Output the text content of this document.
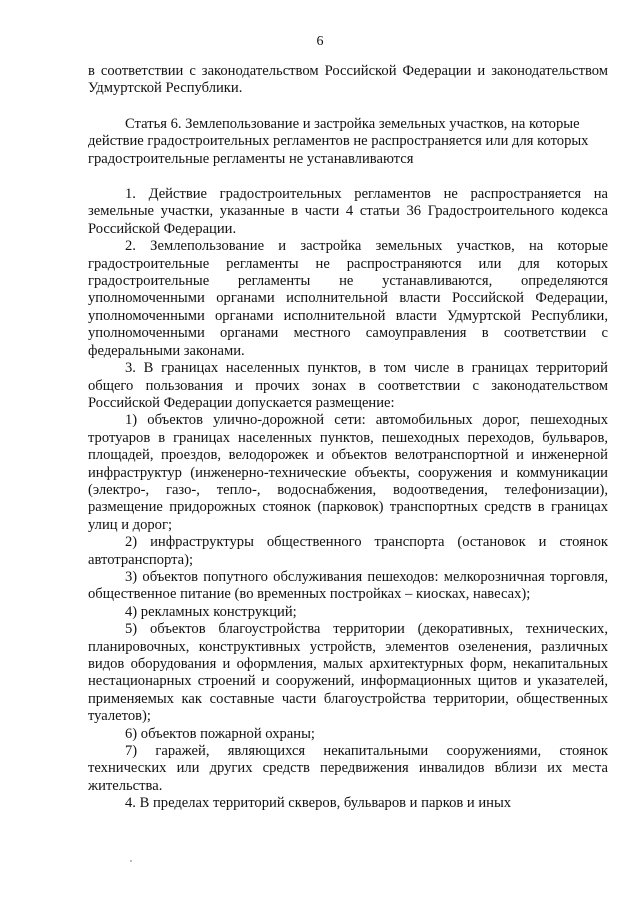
6

в соответствии с законодательством Российской Федерации и законодательством Удмуртской Республики.

Статья 6. Землепользование и застройка земельных участков, на которые действие градостроительных регламентов не распространяется или для которых градостроительные регламенты не устанавливаются

1. Действие градостроительных регламентов не распространяется на земельные участки, указанные в части 4 статьи 36 Градостроительного кодекса Российской Федерации.

2. Землепользование и застройка земельных участков, на которые градостроительные регламенты не распространяются или для которых градостроительные регламенты не устанавливаются, определяются уполномоченными органами исполнительной власти Российской Федерации, уполномоченными органами исполнительной власти Удмуртской Республики, уполномоченными органами местного самоуправления в соответствии с федеральными законами.

3. В границах населенных пунктов, в том числе в границах территорий общего пользования и прочих зонах в соответствии с законодательством Российской Федерации допускается размещение:

1) объектов улично-дорожной сети: автомобильных дорог, пешеходных тротуаров в границах населенных пунктов, пешеходных переходов, бульваров, площадей, проездов, велодорожек и объектов велотранспортной и инженерной инфраструктур (инженерно-технические объекты, сооружения и коммуникации (электро-, газо-, тепло-, водоснабжения, водоотведения, телефонизации), размещение придорожных стоянок (парковок) транспортных средств в границах улиц и дорог;

2) инфраструктуры общественного транспорта (остановок и стоянок автотранспорта);

3) объектов попутного обслуживания пешеходов: мелкорозничная торговля, общественное питание (во временных постройках – киосках, навесах);

4) рекламных конструкций;

5) объектов благоустройства территории (декоративных, технических, планировочных, конструктивных устройств, элементов озеленения, различных видов оборудования и оформления, малых архитектурных форм, некапитальных нестационарных строений и сооружений, информационных щитов и указателей, применяемых как составные части благоустройства территории, общественных туалетов);

6) объектов пожарной охраны;

7) гаражей, являющихся некапитальными сооружениями, стоянок технических или других средств передвижения инвалидов вблизи их места жительства.

4. В пределах территорий скверов, бульваров и парков и иных
